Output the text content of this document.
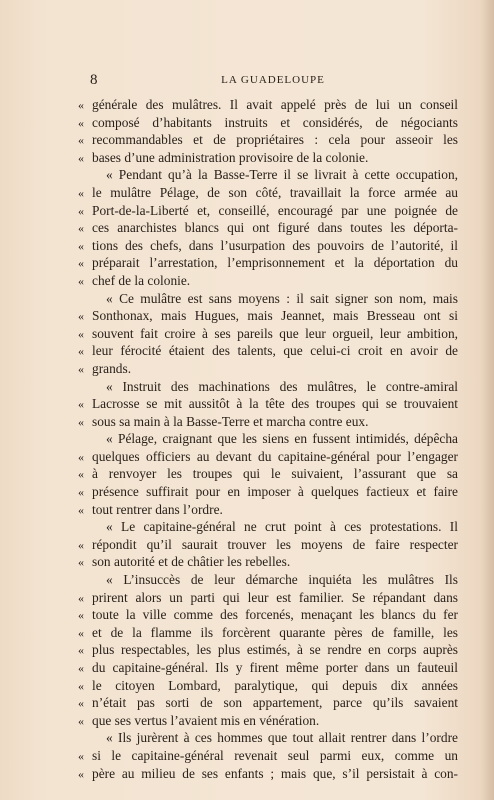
8	LA GUADELOUPE
« générale des mulâtres. Il avait appelé près de lui un conseil
« composé d’habitants instruits et considérés, de négociants
« recommandables et de propriétaires : cela pour asseoir les
« bases d’une administration provisoire de la colonie.
« Pendant qu’à la Basse-Terre il se livrait à cette occupation,
« le mulâtre Pélage, de son côté, travaillait la force armée au
« Port-de-la-Liberté et, conseillé, encouragé par une poignée de
« ces anarchistes blancs qui ont figuré dans toutes les déporta-
« tions des chefs, dans l’usurpation des pouvoirs de l’autorité, il
« préparait l’arrestation, l’emprisonnement et la déportation du
« chef de la colonie.
« Ce mulâtre est sans moyens : il sait signer son nom, mais
« Sonthonax, mais Hugues, mais Jeannet, mais Bresseau ont si
« souvent fait croire à ses pareils que leur orgueil, leur ambition,
« leur férocité étaient des talents, que celui-ci croit en avoir de
« grands.
« Instruit des machinations des mulâtres, le contre-amiral
« Lacrosse se mit aussitôt à la tête des troupes qui se trouvaient
« sous sa main à la Basse-Terre et marcha contre eux.
« Pélage, craignant que les siens en fussent intimidés, dépêcha
« quelques officiers au devant du capitaine-général pour l’engager
« à renvoyer les troupes qui le suivaient, l’assurant que sa
« présence suffirait pour en imposer à quelques factieux et faire
« tout rentrer dans l’ordre.
« Le capitaine-général ne crut point à ces protestations. Il
« répondit qu’il saurait trouver les moyens de faire respecter
« son autorité et de châtier les rebelles.
« L’insuccès de leur démarche inquiéta les mulâtres Ils
« prirent alors un parti qui leur est familier. Se répandant dans
« toute la ville comme des forcenés, menaçant les blancs du fer
« et de la flamme ils forcèrent quarante pères de famille, les
« plus respectables, les plus estimés, à se rendre en corps auprès
« du capitaine-général. Ils y firent même porter dans un fauteuil
« le citoyen Lombard, paralytique, qui depuis dix années
« n’était pas sorti de son appartement, parce qu’ils savaient
« que ses vertus l’avaient mis en vénération.
« Ils jurèrent à ces hommes que tout allait rentrer dans l’ordre
« si le capitaine-général revenait seul parmi eux, comme un
« père au milieu de ses enfants ; mais que, s’il persistait à con-
